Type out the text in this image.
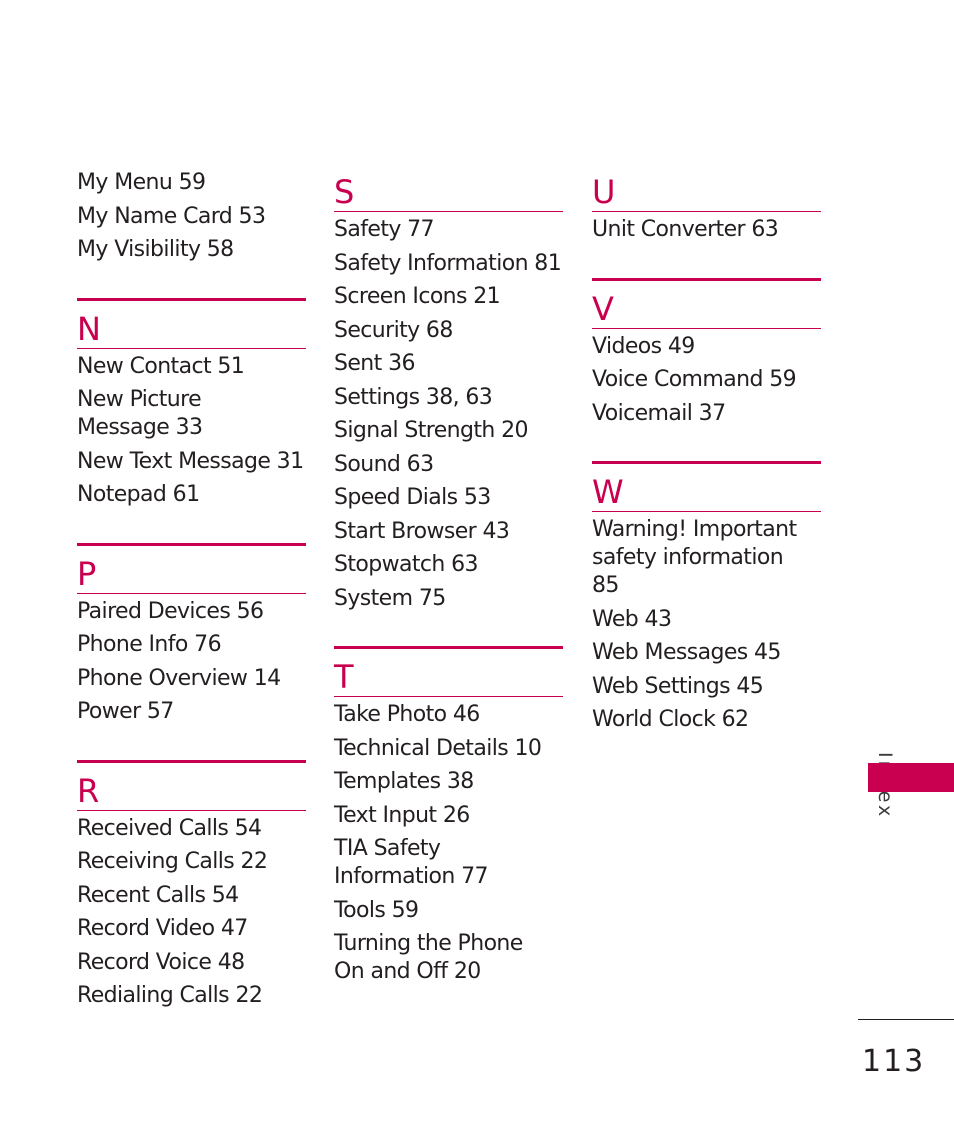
My Menu 59
My Name Card 53
My Visibility 58
N
New Contact 51
New Picture Message 33
New Text Message 31
Notepad 61
P
Paired Devices 56
Phone Info 76
Phone Overview 14
Power 57
R
Received Calls 54
Receiving Calls 22
Recent Calls 54
Record Video 47
Record Voice 48
Redialing Calls 22
S
Safety 77
Safety Information 81
Screen Icons 21
Security 68
Sent 36
Settings 38, 63
Signal Strength 20
Sound 63
Speed Dials 53
Start Browser 43
Stopwatch 63
System 75
T
Take Photo 46
Technical Details 10
Templates 38
Text Input 26
TIA Safety Information 77
Tools 59
Turning the Phone On and Off 20
U
Unit Converter 63
V
Videos 49
Voice Command 59
Voicemail 37
W
Warning! Important safety information 85
Web 43
Web Messages 45
Web Settings 45
World Clock 62
113
